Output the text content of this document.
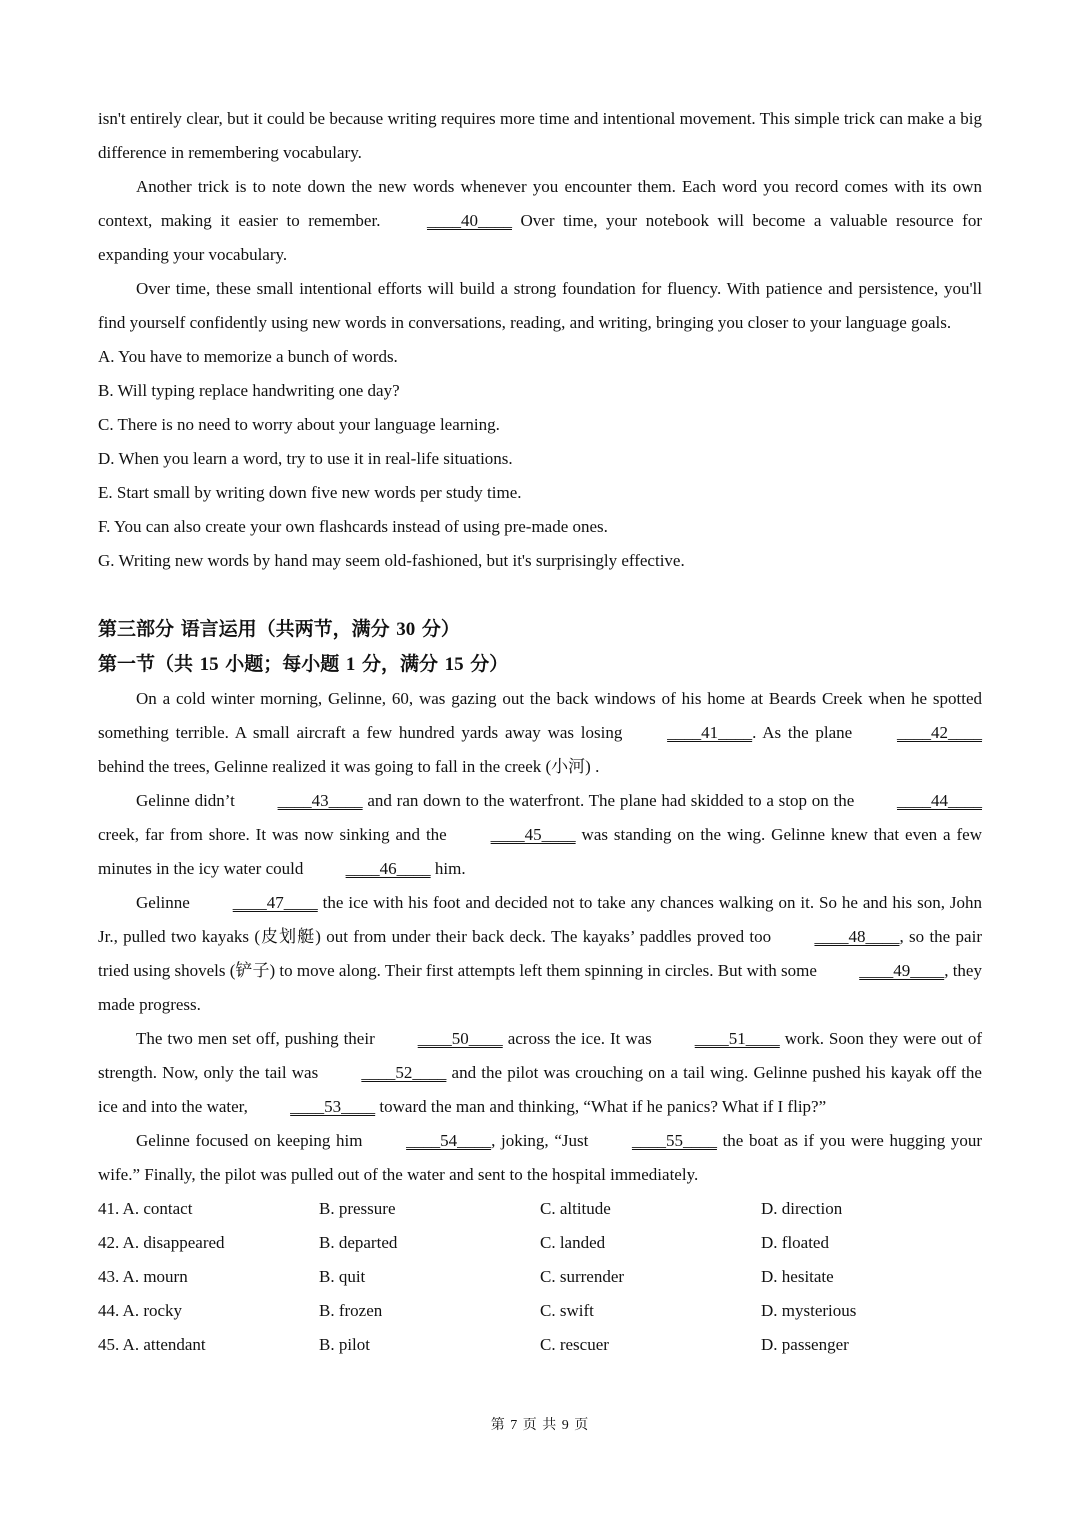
isn't entirely clear, but it could be because writing requires more time and intentional movement. This simple trick can make a big difference in remembering vocabulary.

Another trick is to note down the new words whenever you encounter them. Each word you record comes with its own context, making it easier to remember. ____40____ Over time, your notebook will become a valuable resource for expanding your vocabulary.

Over time, these small intentional efforts will build a strong foundation for fluency. With patience and persistence, you'll find yourself confidently using new words in conversations, reading, and writing, bringing you closer to your language goals.

A. You have to memorize a bunch of words.
B. Will typing replace handwriting one day?
C. There is no need to worry about your language learning.
D. When you learn a word, try to use it in real-life situations.
E. Start small by writing down five new words per study time.
F. You can also create your own flashcards instead of using pre-made ones.
G. Writing new words by hand may seem old-fashioned, but it's surprisingly effective.
第三部分 语言运用（共两节，满分 30 分）
第一节（共 15 小题；每小题 1 分，满分 15 分）

On a cold winter morning, Gelinne, 60, was gazing out the back windows of his home at Beards Creek when he spotted something terrible. A small aircraft a few hundred yards away was losing ____41____. As the plane ____42____ behind the trees, Gelinne realized it was going to fall in the creek (小河) .

Gelinne didn’t ____43____ and ran down to the waterfront. The plane had skidded to a stop on the ____44____ creek, far from shore. It was now sinking and the ____45____ was standing on the wing. Gelinne knew that even a few minutes in the icy water could ____46____ him.

Gelinne ____47____ the ice with his foot and decided not to take any chances walking on it. So he and his son, John Jr., pulled two kayaks (皮划艇) out from under their back deck. The kayaks’ paddles proved too ____48____, so the pair tried using shovels (铲子) to move along. Their first attempts left them spinning in circles. But with some ____49____, they made progress.

The two men set off, pushing their ____50____ across the ice. It was ____51____ work. Soon they were out of strength. Now, only the tail was ____52____ and the pilot was crouching on a tail wing. Gelinne pushed his kayak off the ice and into the water, ____53____ toward the man and thinking, “What if he panics? What if I flip?”

Gelinne focused on keeping him ____54____, joking, “Just ____55____ the boat as if you were hugging your wife.” Finally, the pilot was pulled out of the water and sent to the hospital immediately.

41. A. contact	B. pressure	C. altitude	D. direction
42. A. disappeared	B. departed	C. landed	D. floated
43. A. mourn	B. quit	C. surrender	D. hesitate
44. A. rocky	B. frozen	C. swift	D. mysterious
45. A. attendant	B. pilot	C. rescuer	D. passenger
第 7 页 共 9 页
